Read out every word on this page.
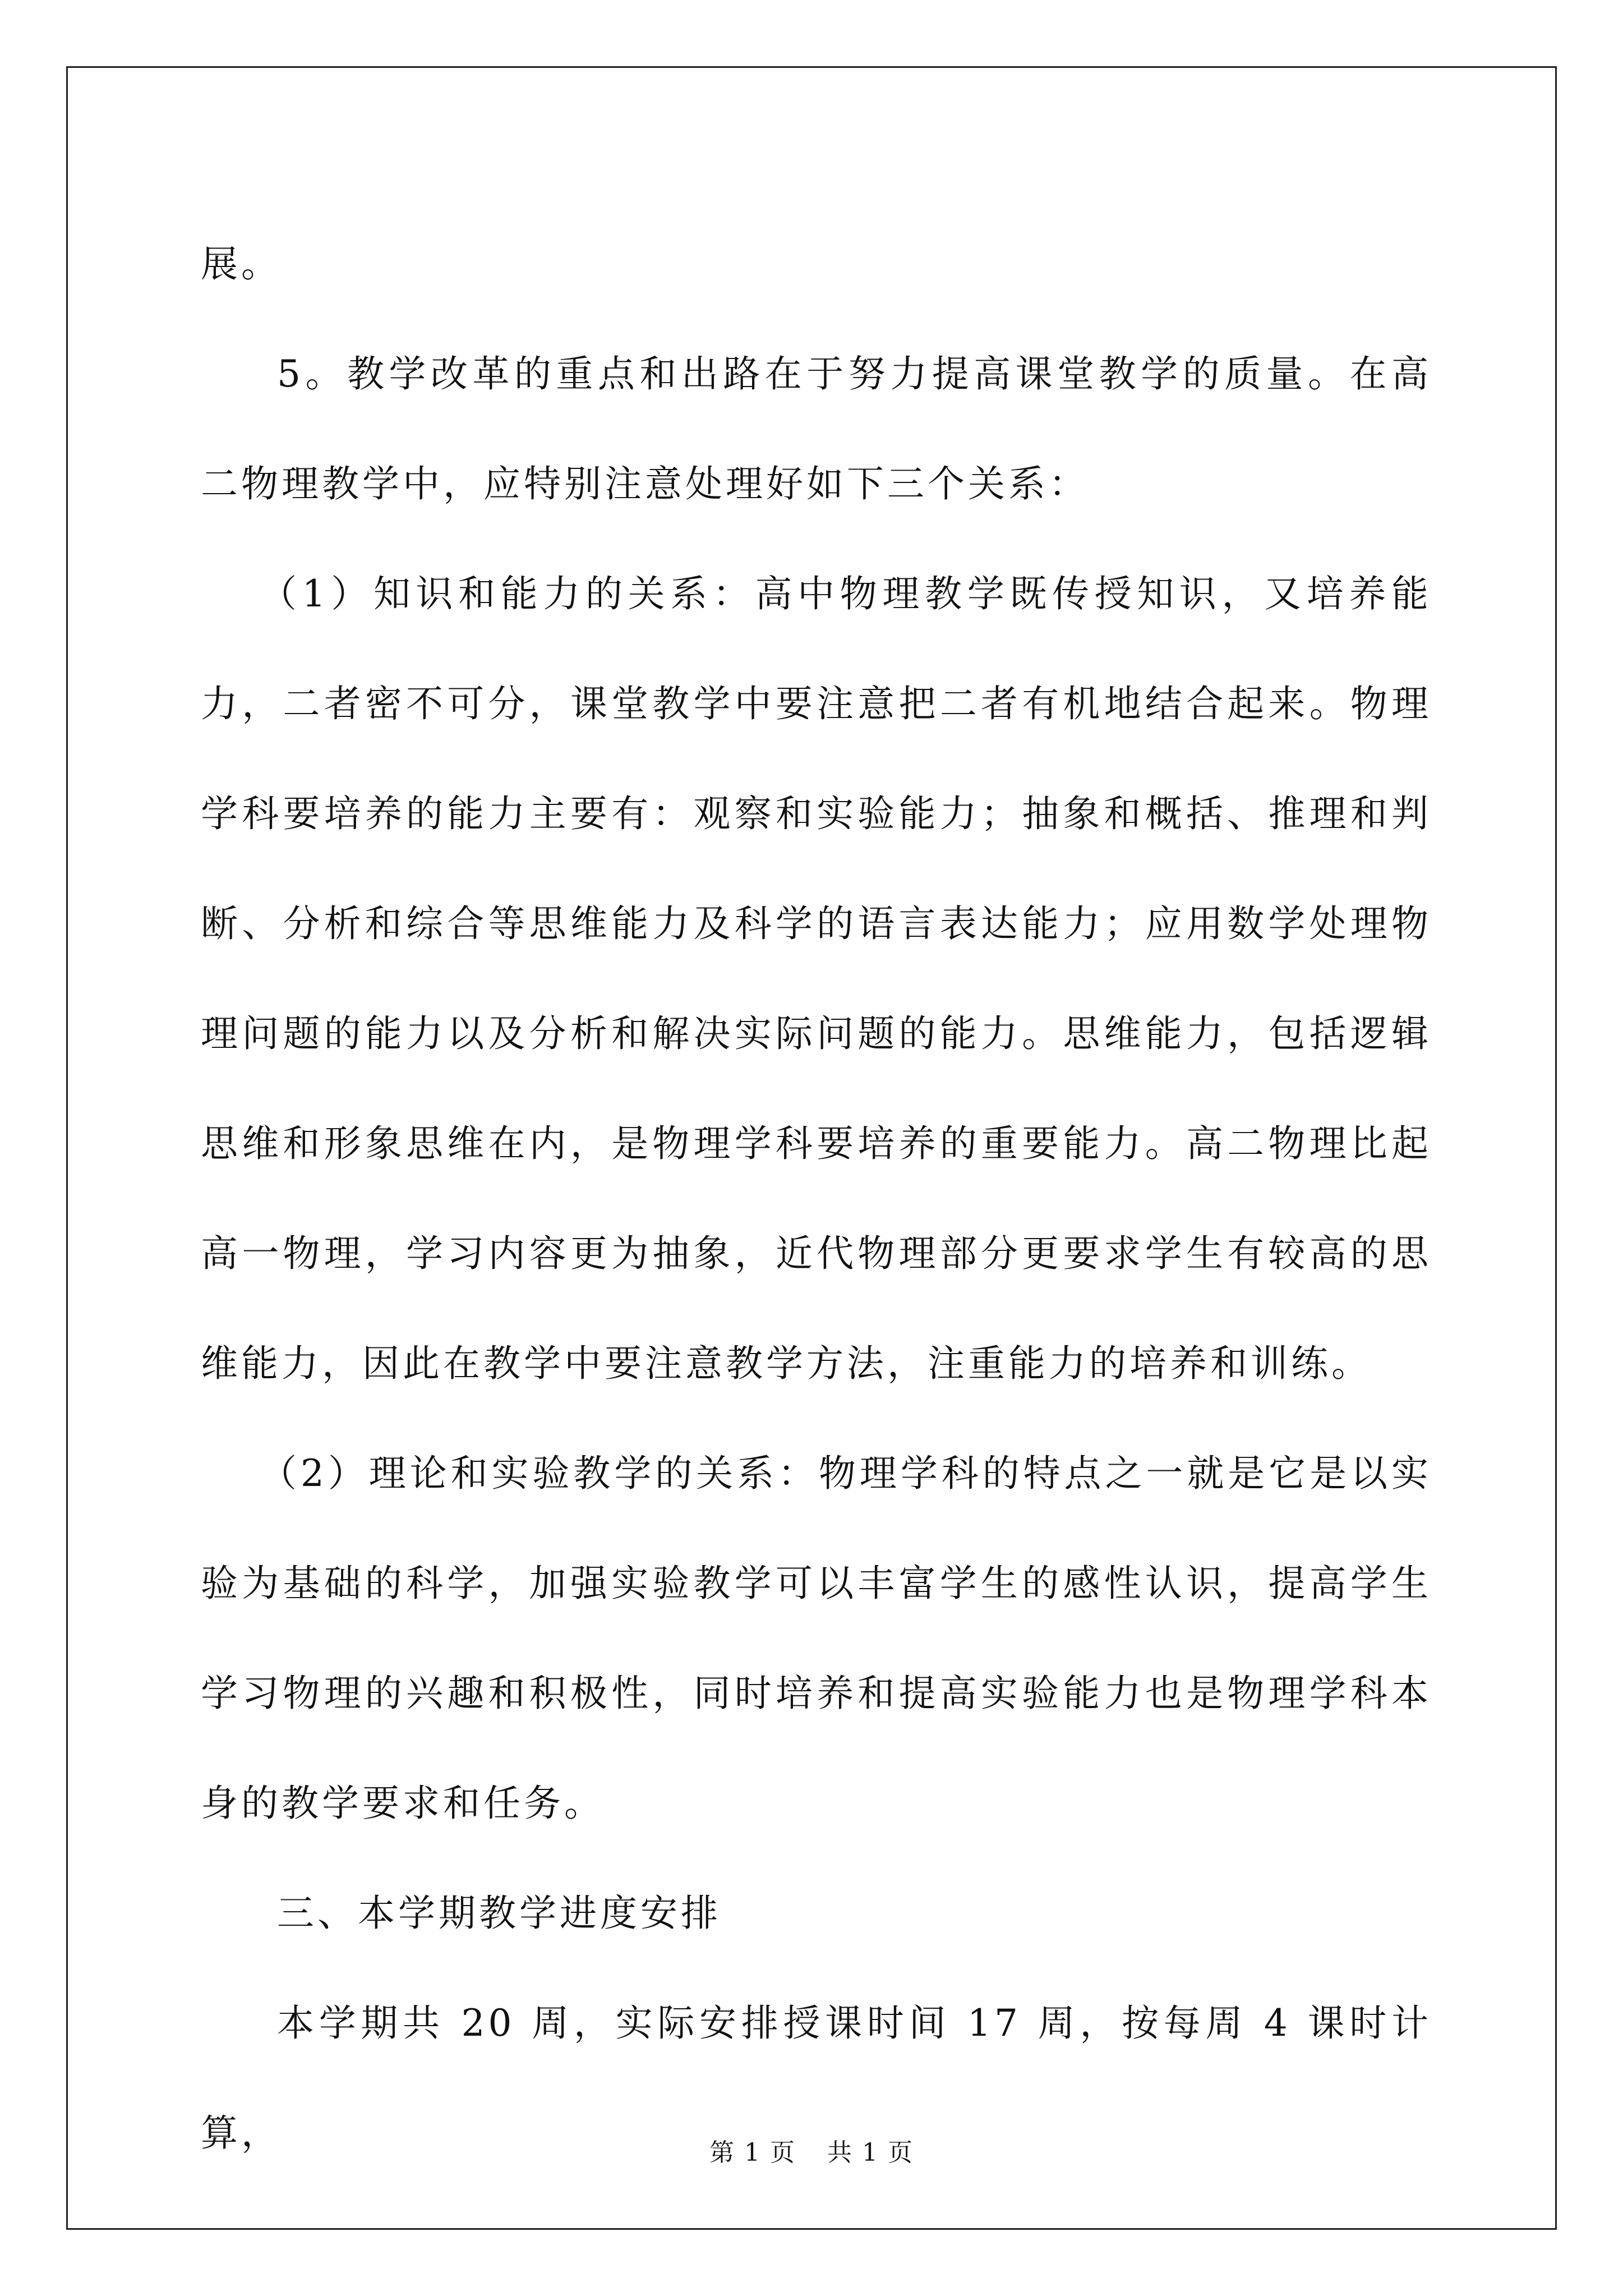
展。

5。教学改革的重点和出路在于努力提高课堂教学的质量。在高二物理教学中，应特别注意处理好如下三个关系：

（1）知识和能力的关系：高中物理教学既传授知识，又培养能力，二者密不可分，课堂教学中要注意把二者有机地结合起来。物理学科要培养的能力主要有：观察和实验能力；抽象和概括、推理和判断、分析和综合等思维能力及科学的语言表达能力；应用数学处理物理问题的能力以及分析和解决实际问题的能力。思维能力，包括逻辑思维和形象思维在内，是物理学科要培养的重要能力。高二物理比起高一物理，学习内容更为抽象，近代物理部分更要求学生有较高的思维能力，因此在教学中要注意教学方法，注重能力的培养和训练。

（2）理论和实验教学的关系：物理学科的特点之一就是它是以实验为基础的科学，加强实验教学可以丰富学生的感性认识，提高学生学习物理的兴趣和积极性，同时培养和提高实验能力也是物理学科本身的教学要求和任务。

三、本学期教学进度安排

本学期共 20 周，实际安排授课时间 17 周，按每周 4 课时计算，	第 1 页 共 1 页
